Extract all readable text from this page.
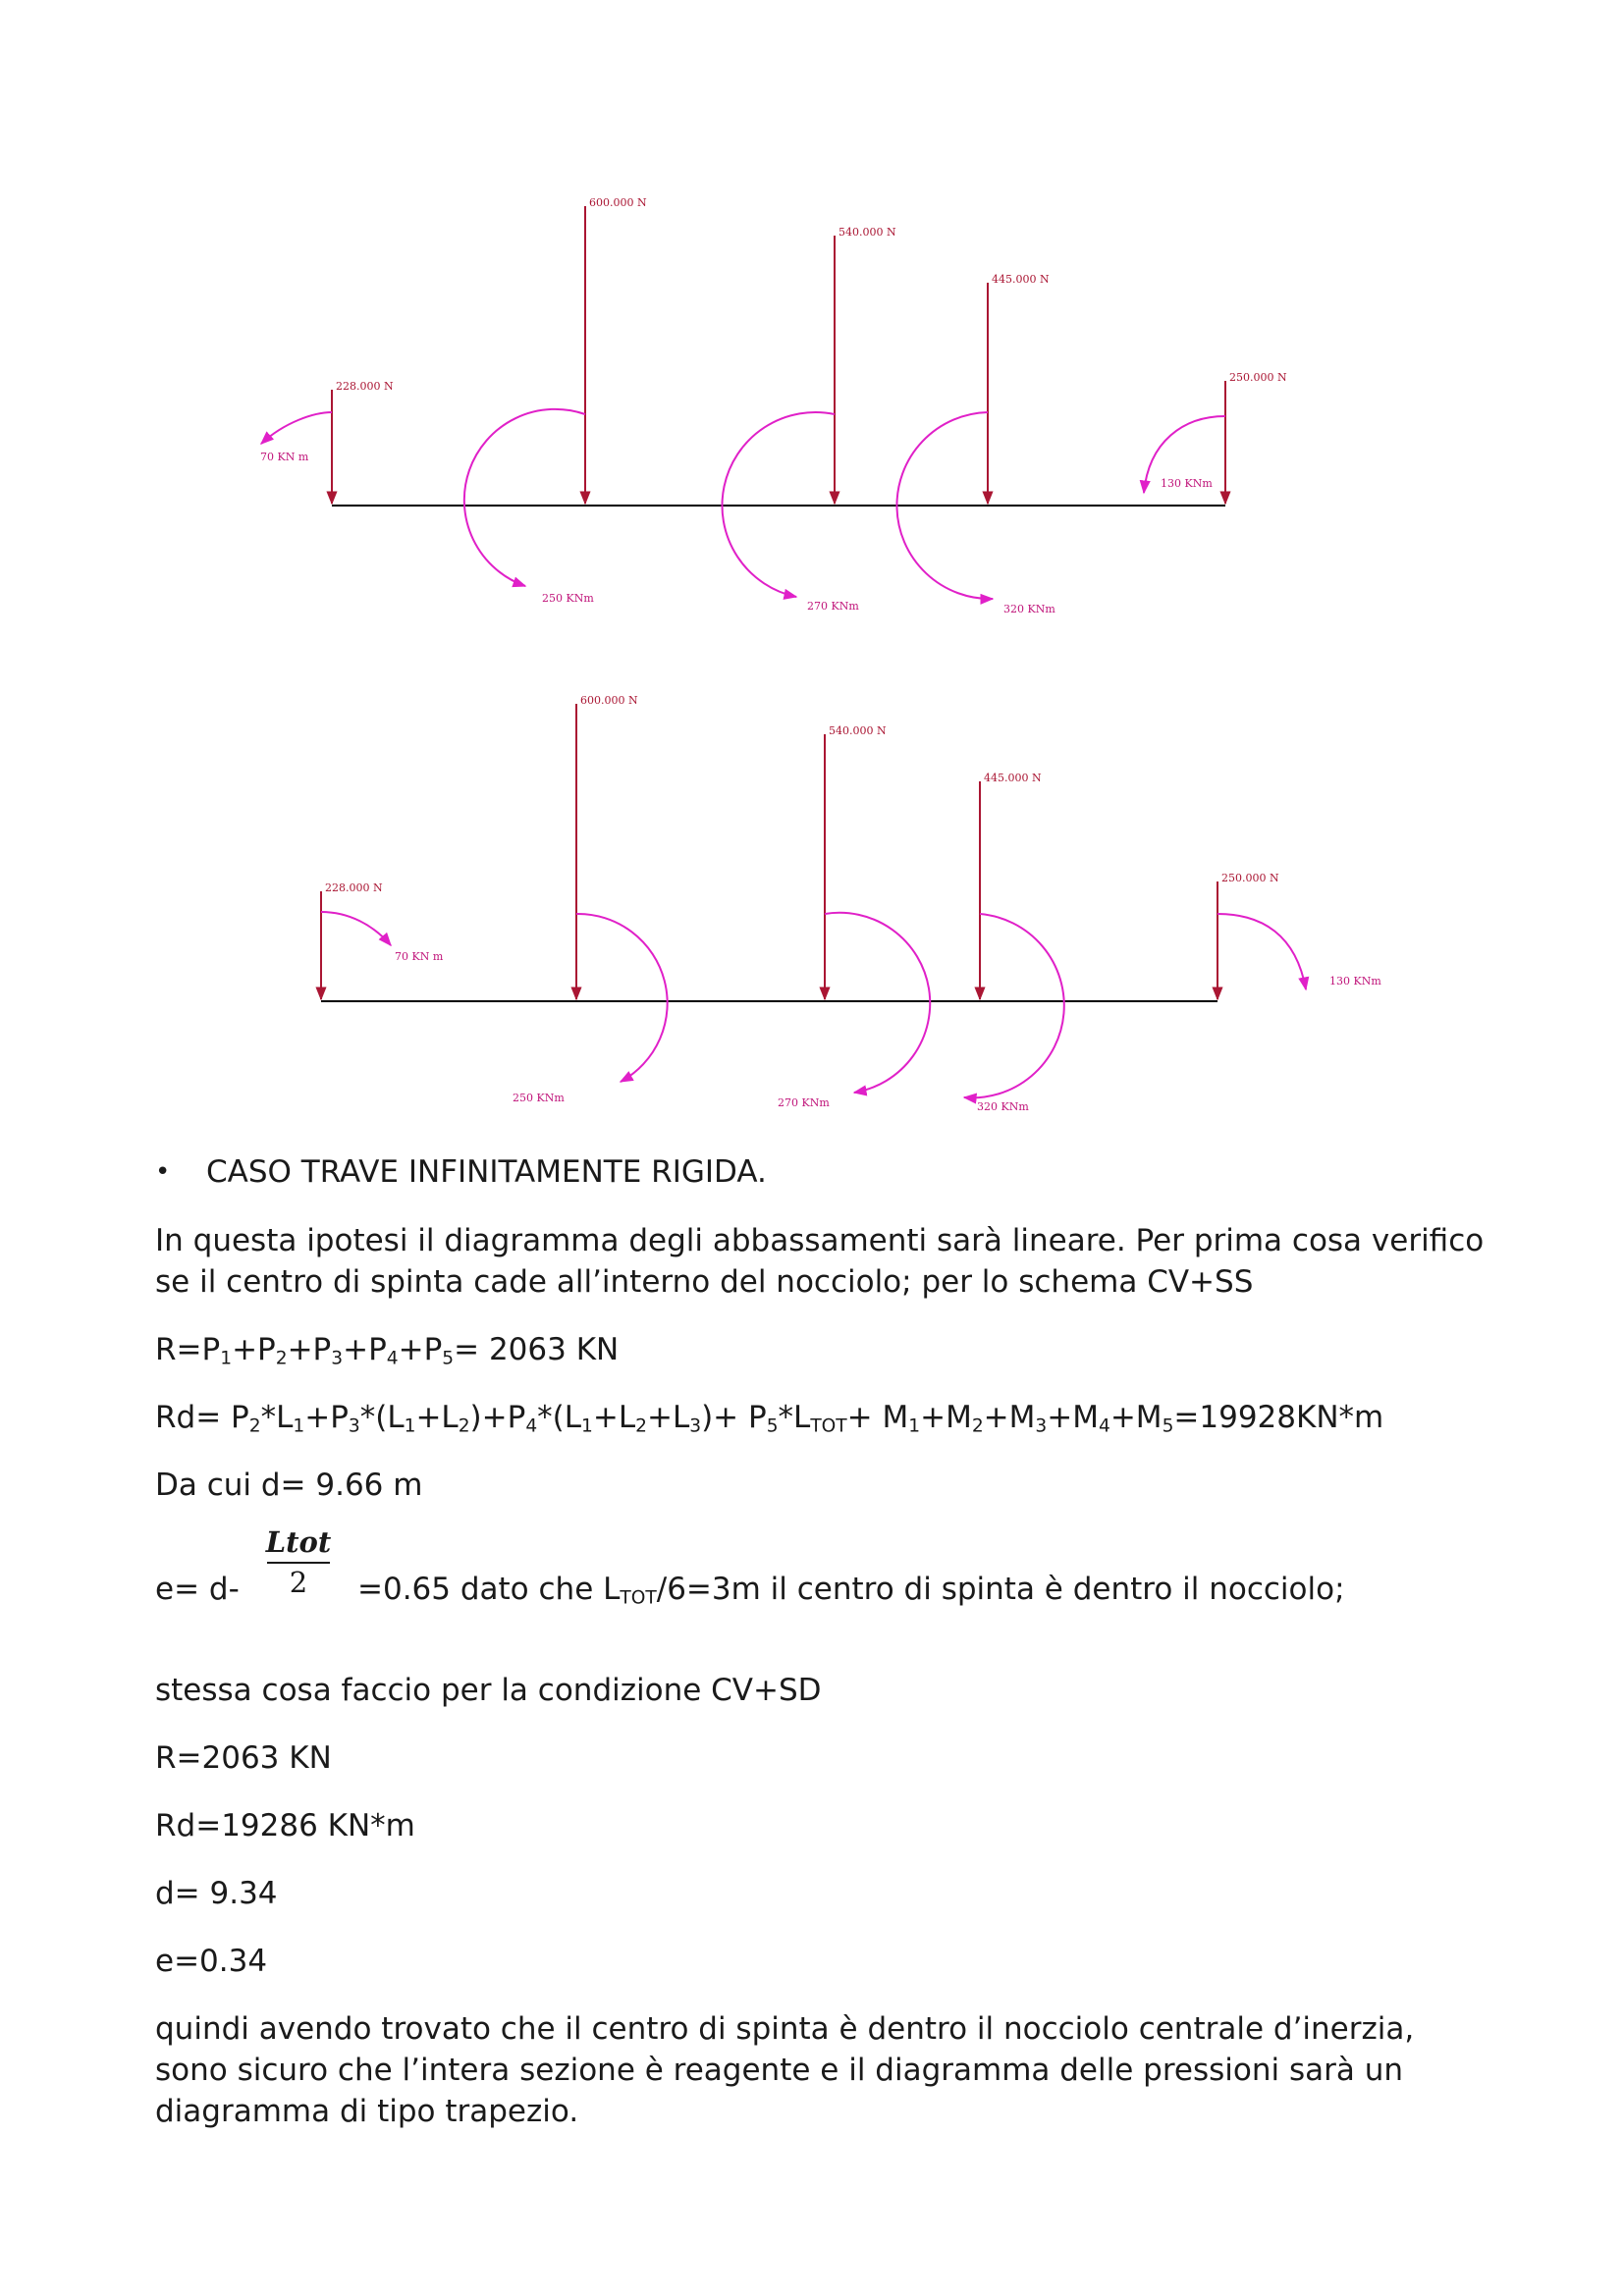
228.000 N
600.000 N
540.000 N
445.000 N
250.000 N
70 KN m
250 KNm
270 KNm	320 KNm
130 KNm
228.000 N
600.000 N
540.000 N
445.000 N
250.000 N
70 KN m
250 KNm	270 KNm	320 KNm
130 KNm
• CASO TRAVE INFINITAMENTE RIGIDA.
In questa ipotesi il diagramma degli abbassamenti sarà lineare. Per prima cosa verifico
se il centro di spinta cade all’interno del nocciolo; per lo schema CV+SS
$R=P_1+P_2+P_3+P_4+P_5= 2063$ KN
$Rd= P_2*L_1+P_3*(L_1+L_2)+P_4*(L_1+L_2+L_3)+ P_5*L_{TOT}+ M_1+M_2+M_3+M_4+M_5=19928KN*m$
Da cui d= 9.66 m
e= d-
Ltot
2	=0.65 dato che $L_{TOT}/6=3m$ il centro di spinta è dentro il nocciolo;
stessa cosa faccio per la condizione CV+SD
R=2063 KN
Rd=19286 KN*m
d= 9.34
e=0.34
quindi avendo trovato che il centro di spinta è dentro il nocciolo centrale d’inerzia,
sono sicuro che l’intera sezione è reagente e il diagramma delle pressioni sarà un
diagramma di tipo trapezio.
